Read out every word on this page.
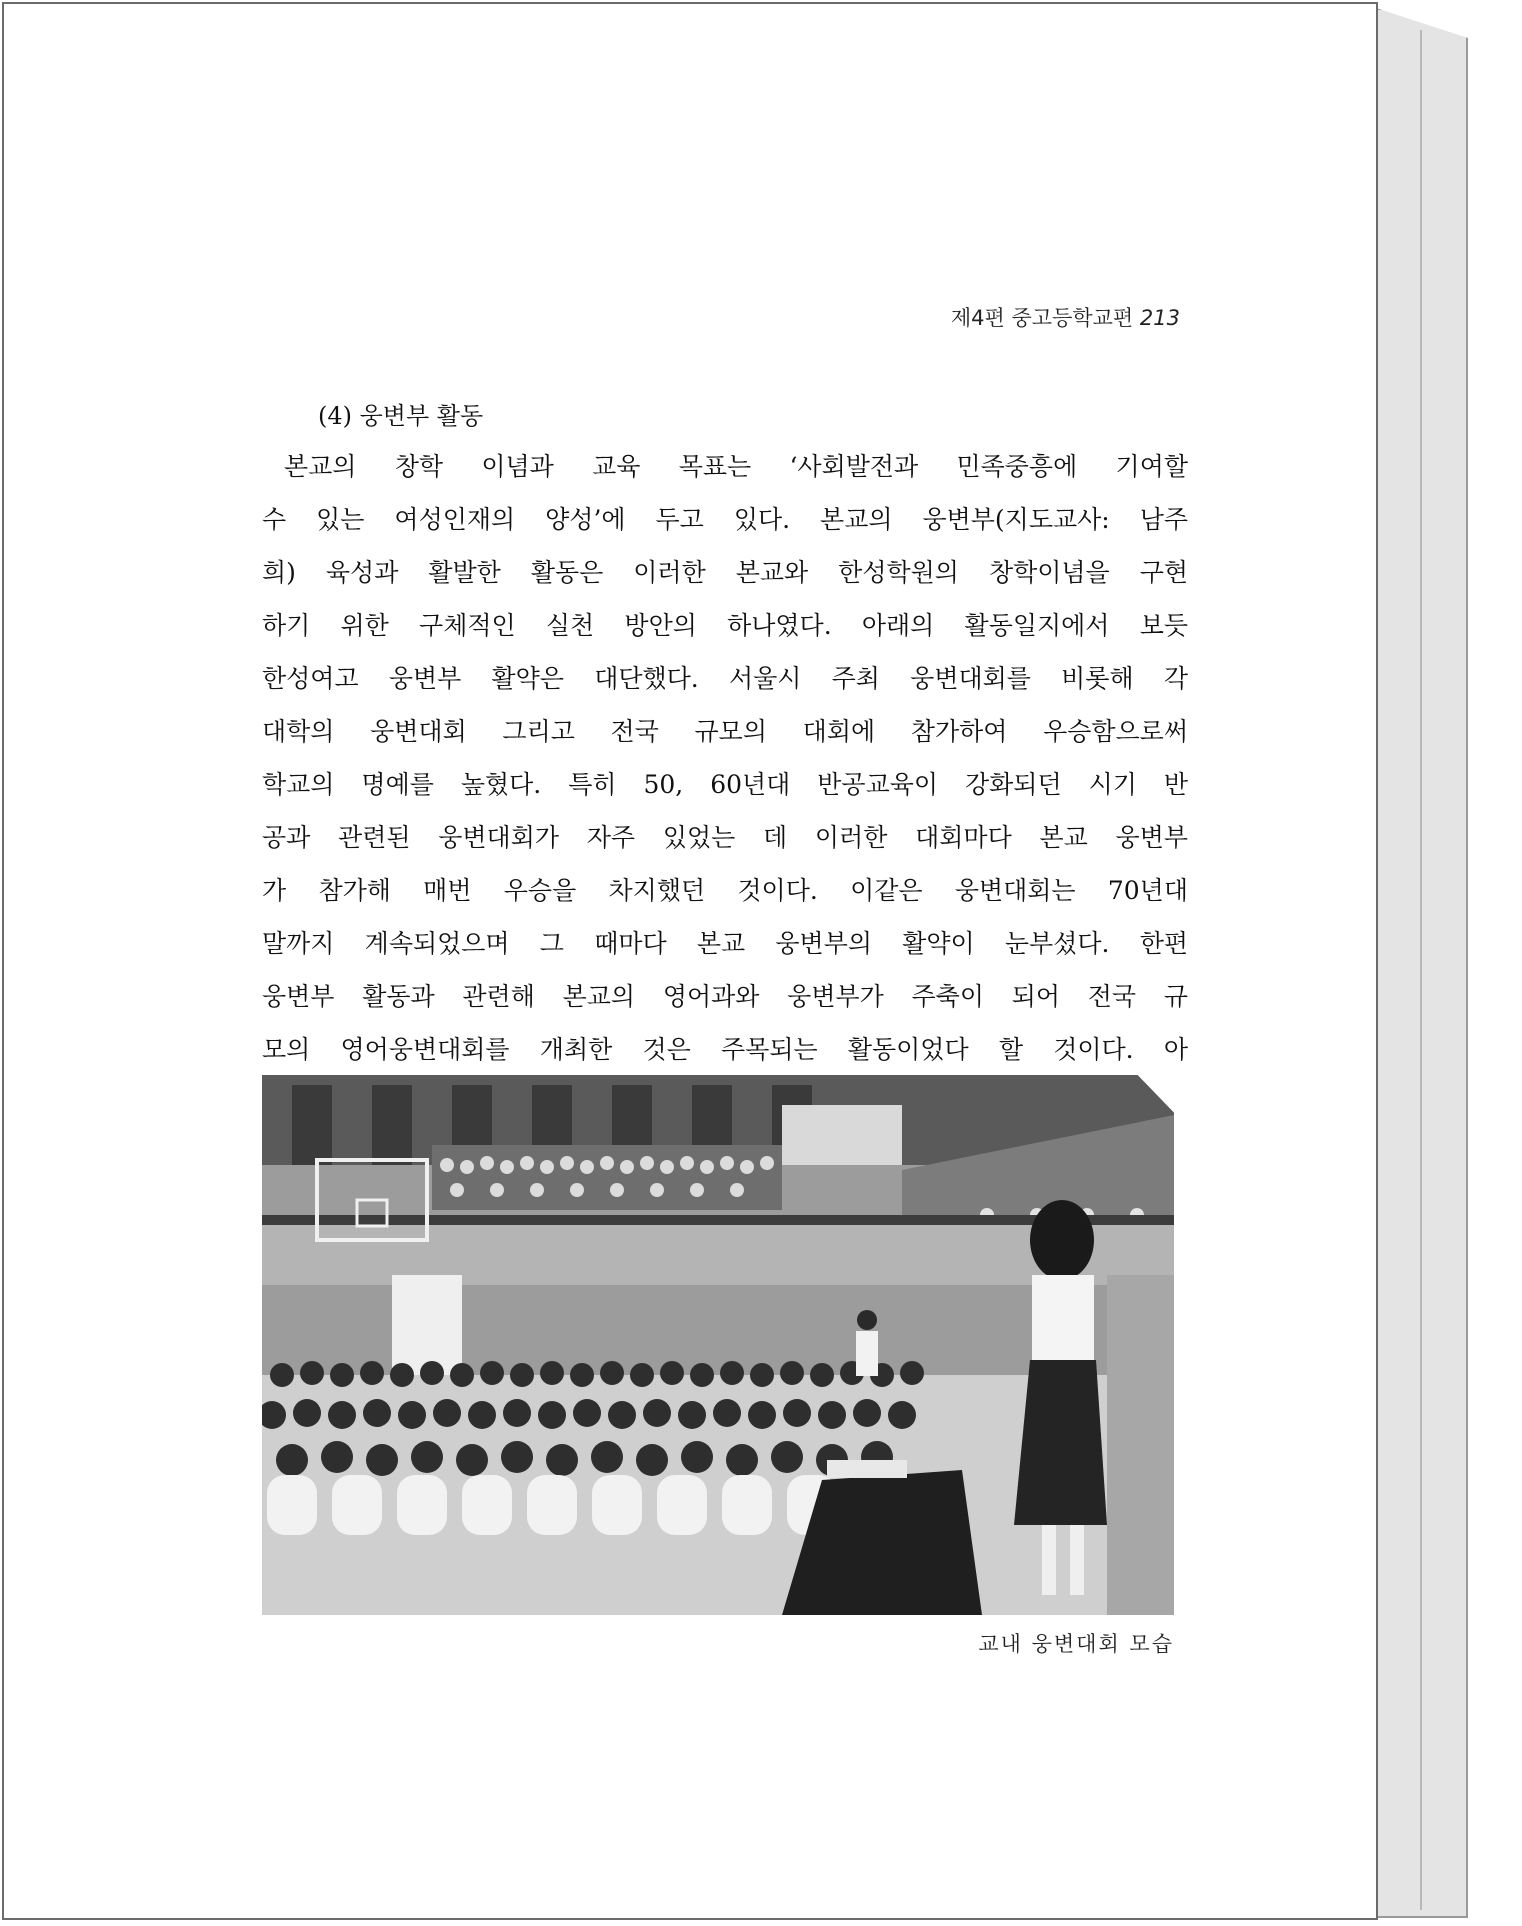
제4편 중고등학교편 213
(4) 웅변부 활동
본교의 창학 이념과 교육 목표는 ‘사회발전과 민족중흥에 기여할
수 있는 여성인재의 양성’에 두고 있다. 본교의 웅변부(지도교사: 남주
희) 육성과 활발한 활동은 이러한 본교와 한성학원의 창학이념을 구현
하기 위한 구체적인 실천 방안의 하나였다. 아래의 활동일지에서 보듯
한성여고 웅변부 활약은 대단했다. 서울시 주최 웅변대회를 비롯해 각
대학의 웅변대회 그리고 전국 규모의 대회에 참가하여 우승함으로써
학교의 명예를 높혔다. 특히 50, 60년대 반공교육이 강화되던 시기 반
공과 관련된 웅변대회가 자주 있었는 데 이러한 대회마다 본교 웅변부
가 참가해 매번 우승을 차지했던 것이다. 이같은 웅변대회는 70년대
말까지 계속되었으며 그 때마다 본교 웅변부의 활약이 눈부셨다. 한편
웅변부 활동과 관련해 본교의 영어과와 웅변부가 주축이 되어 전국 규
모의 영어웅변대회를 개최한 것은 주목되는 활동이었다 할 것이다. 아
교내 웅변대회 모습
